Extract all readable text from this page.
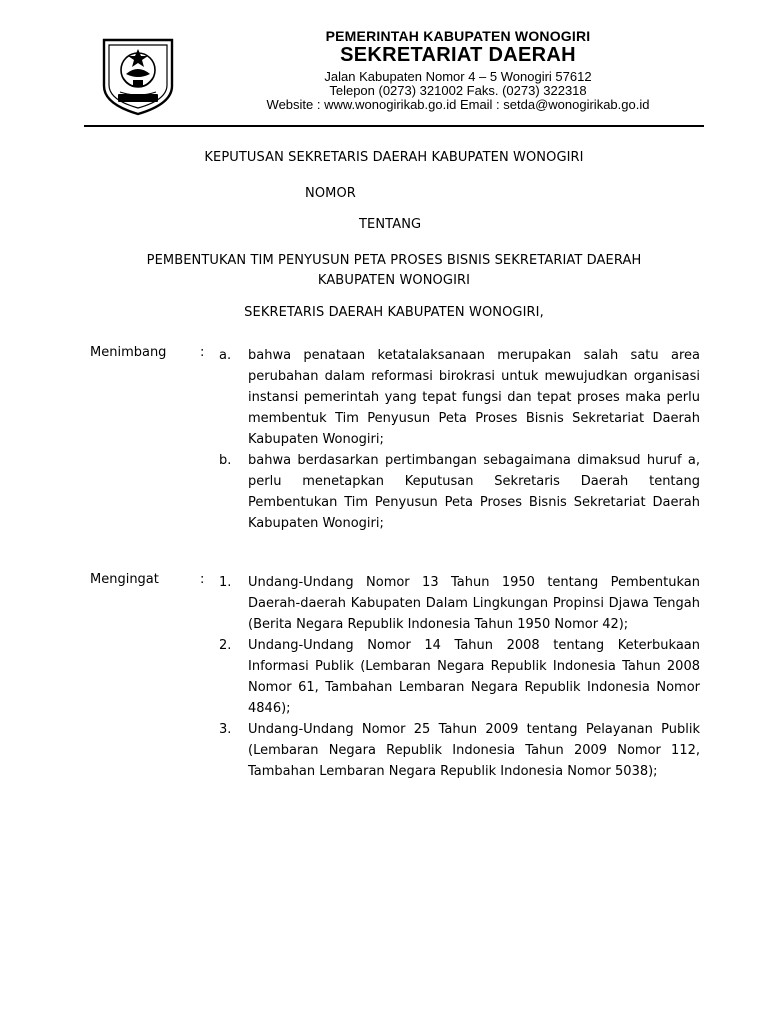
PEMERINTAH KABUPATEN WONOGIRI
SEKRETARIAT DAERAH
Jalan Kabupaten Nomor 4 – 5 Wonogiri 57612
Telepon (0273) 321002 Faks. (0273) 322318
Website : www.wonogirikab.go.id Email : setda@wonogirikab.go.id
KEPUTUSAN SEKRETARIS DAERAH KABUPATEN WONOGIRI
NOMOR
TENTANG
PEMBENTUKAN TIM PENYUSUN PETA PROSES BISNIS SEKRETARIAT DAERAH
KABUPATEN WONOGIRI
SEKRETARIS DAERAH KABUPATEN WONOGIRI,
Menimbang	: a. bahwa penataan ketatalaksanaan merupakan salah satu area perubahan dalam reformasi birokrasi untuk mewujudkan organisasi instansi pemerintah yang tepat fungsi dan tepat proses maka perlu membentuk Tim Penyusun Peta Proses Bisnis Sekretariat Daerah Kabupaten Wonogiri;

b. bahwa berdasarkan pertimbangan sebagaimana dimaksud huruf a, perlu menetapkan Keputusan Sekretaris Daerah tentang Pembentukan Tim Penyusun Peta Proses Bisnis Sekretariat Daerah Kabupaten Wonogiri;

Mengingat	: 1. Undang-Undang Nomor 13 Tahun 1950 tentang Pembentukan Daerah-daerah Kabupaten Dalam Lingkungan Propinsi Djawa Tengah (Berita Negara Republik Indonesia Tahun 1950 Nomor 42);

2. Undang-Undang Nomor 14 Tahun 2008 tentang Keterbukaan Informasi Publik (Lembaran Negara Republik Indonesia Tahun 2008 Nomor 61, Tambahan Lembaran Negara Republik Indonesia Nomor 4846);

3. Undang-Undang Nomor 25 Tahun 2009 tentang Pelayanan Publik (Lembaran Negara Republik Indonesia Tahun 2009 Nomor 112, Tambahan Lembaran Negara Republik Indonesia Nomor 5038);
